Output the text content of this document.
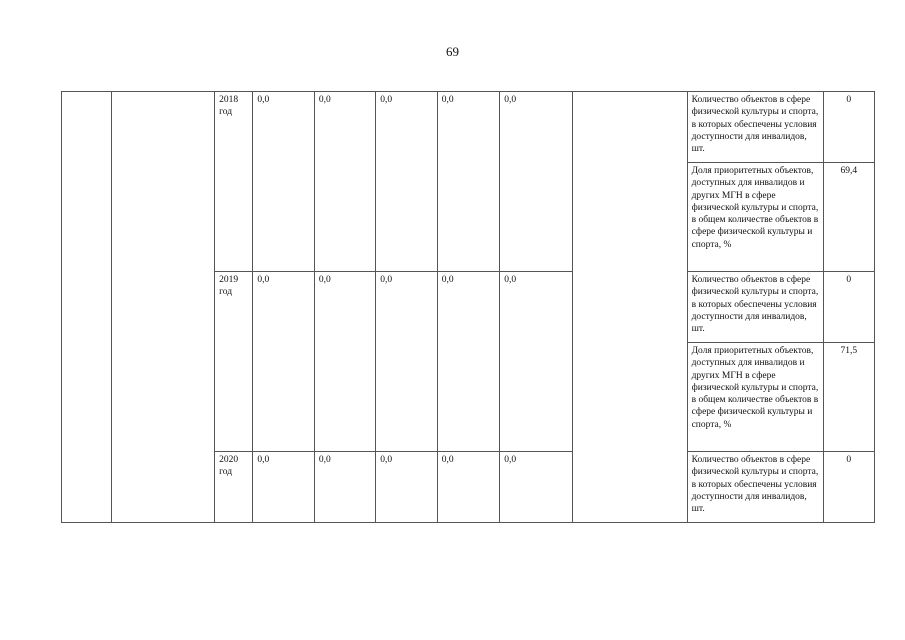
69
		2018 год	0,0	0,0	0,0	0,0	0,0		Количество объектов в сфере физической культуры и спорта, в которых обеспечены условия доступности для инвалидов, шт.	0
									Доля приоритетных объектов, доступных для инвалидов и других МГН в сфере физической культуры и спорта, в общем количестве объектов в сфере физической культуры и спорта, %	69,4
		2019 год	0,0	0,0	0,0	0,0	0,0		Количество объектов в сфере физической культуры и спорта, в которых обеспечены условия доступности для инвалидов, шт.	0
									Доля приоритетных объектов, доступных для инвалидов и других МГН в сфере физической культуры и спорта, в общем количестве объектов в сфере физической культуры и спорта, %	71,5
		2020 год	0,0	0,0	0,0	0,0	0,0		Количество объектов в сфере физической культуры и спорта, в которых обеспечены условия доступности для инвалидов, шт.	0
